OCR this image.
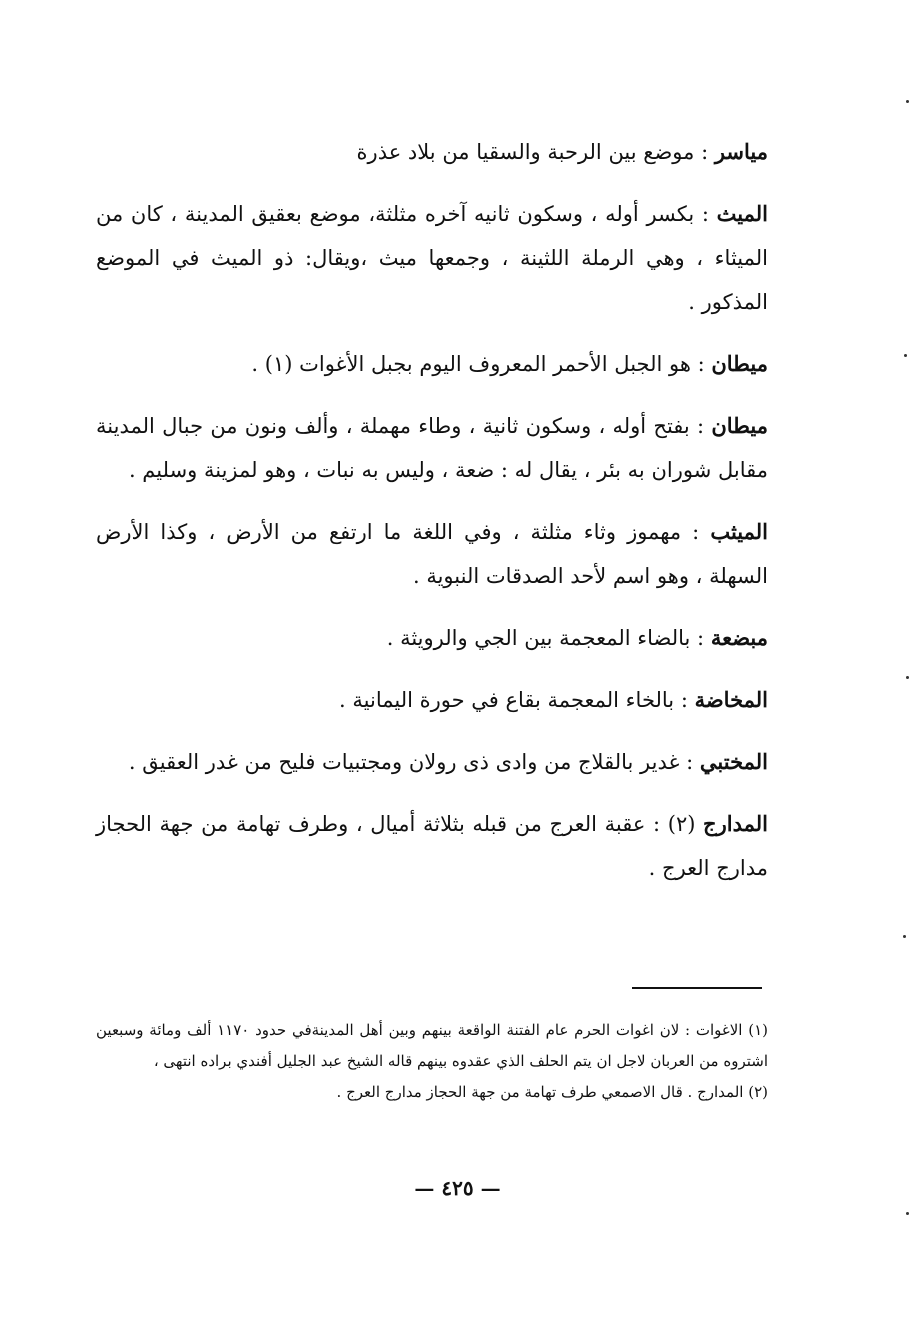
مياسر : موضع بين الرحبة والسقيا من بلاد عذرة

الميث : بكسر أوله ، وسكون ثانيه آخره مثلثة، موضع بعقيق المدينة ، كان من الميثاء ، وهي الرملة اللثينة ، وجمعها ميث ،ويقال: ذو الميث في الموضع المذكور .

ميطان : هو الجبل الأحمر المعروف اليوم بجبل الأغوات (١) .

ميطان : بفتح أوله ، وسكون ثانية ، وطاء مهملة ، وألف ونون من جبال المدينة مقابل شوران به بئر ، يقال له : ضعة ، وليس به نبات ، وهو لمزينة وسليم .

الميثب : مهموز وثاء مثلثة ، وفي اللغة ما ارتفع من الأرض ، وكذا الأرض السهلة ، وهو اسم لأحد الصدقات النبوية .

مبضعة : بالضاء المعجمة بين الجي والرويثة .

المخاضة : بالخاء المعجمة بقاع في حورة اليمانية .

المختبي : غدير بالقلاج من وادى ذى رولان ومجتبيات فليح من غدر العقيق .

المدارج (٢) : عقبة العرج من قبله بثلاثة أميال ، وطرف تهامة من جهة الحجاز مدارج العرج .

(١) الاغوات : لان اغوات الحرم عام الفتنة الواقعة بينهم وبين أهل المدينةفي حدود ١١٧٠ ألف ومائة وسبعين اشتروه من العربان لاجل ان يتم الحلف الذي عقدوه بينهم قاله الشيخ عبد الجليل أفندي براده انتهى ،

(٢) المدارج . قال الاصمعي طرف تهامة من جهة الحجاز مدارج العرج .

— ٤٢٥ —
